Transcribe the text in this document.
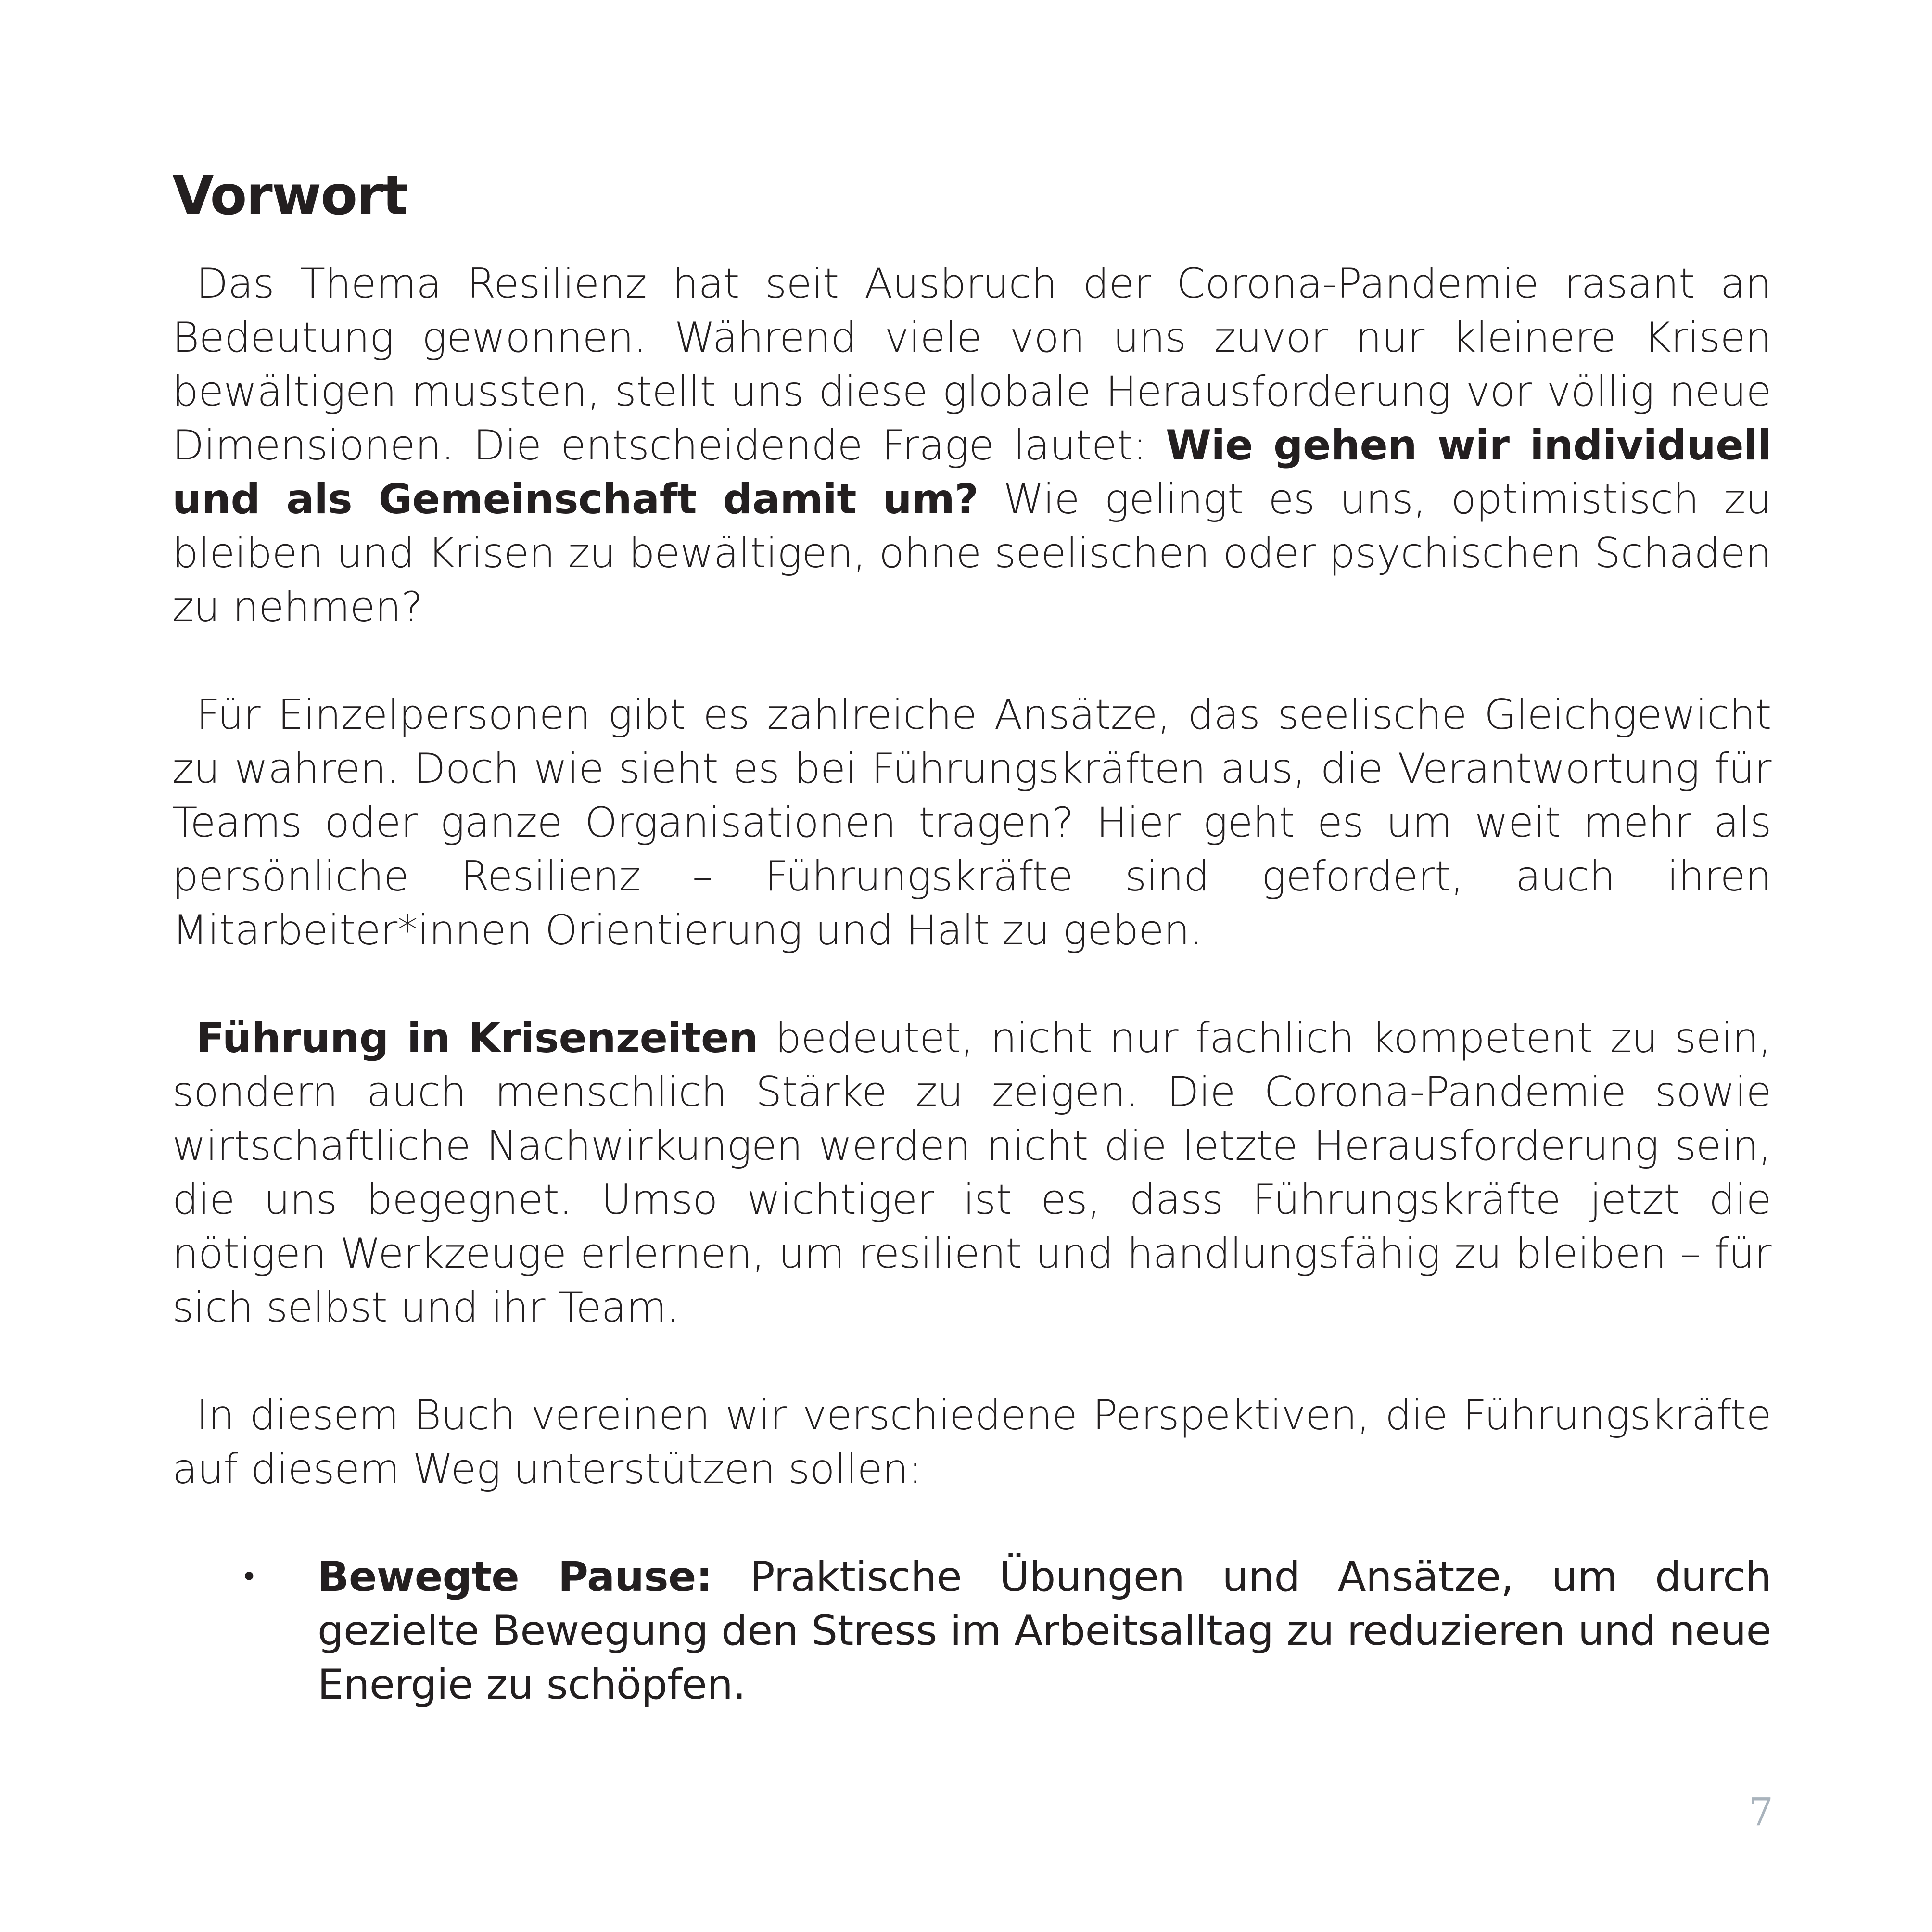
Vorwort

Das Thema Resilienz hat seit Ausbruch der Corona-Pandemie rasant an Bedeutung gewonnen. Während viele von uns zuvor nur kleinere Krisen bewältigen mussten, stellt uns diese globale Herausforderung vor völlig neue Dimensionen. Die entscheidende Frage lautet: Wie gehen wir individuell und als Gemeinschaft damit um? Wie gelingt es uns, optimistisch zu bleiben und Krisen zu bewältigen, ohne seelischen oder psychischen Schaden zu nehmen?

Für Einzelpersonen gibt es zahlreiche Ansätze, das seelische Gleichgewicht zu wahren. Doch wie sieht es bei Führungskräften aus, die Verantwortung für Teams oder ganze Organisationen tragen? Hier geht es um weit mehr als persönliche Resilienz – Führungskräfte sind gefordert, auch ihren Mitarbeiter*innen Orientierung und Halt zu geben.

Führung in Krisenzeiten bedeutet, nicht nur fachlich kompetent zu sein, sondern auch menschlich Stärke zu zeigen. Die Corona-Pandemie sowie wirtschaftliche Nachwirkungen werden nicht die letzte Herausforderung sein, die uns begegnet. Umso wichtiger ist es, dass Führungskräfte jetzt die nötigen Werkzeuge erlernen, um resilient und handlungsfähig zu bleiben – für sich selbst und ihr Team.

In diesem Buch vereinen wir verschiedene Perspektiven, die Führungskräfte auf diesem Weg unterstützen sollen:

• Bewegte Pause: Praktische Übungen und Ansätze, um durch gezielte Bewegung den Stress im Arbeitsalltag zu reduzieren und neue Energie zu schöpfen.
7
